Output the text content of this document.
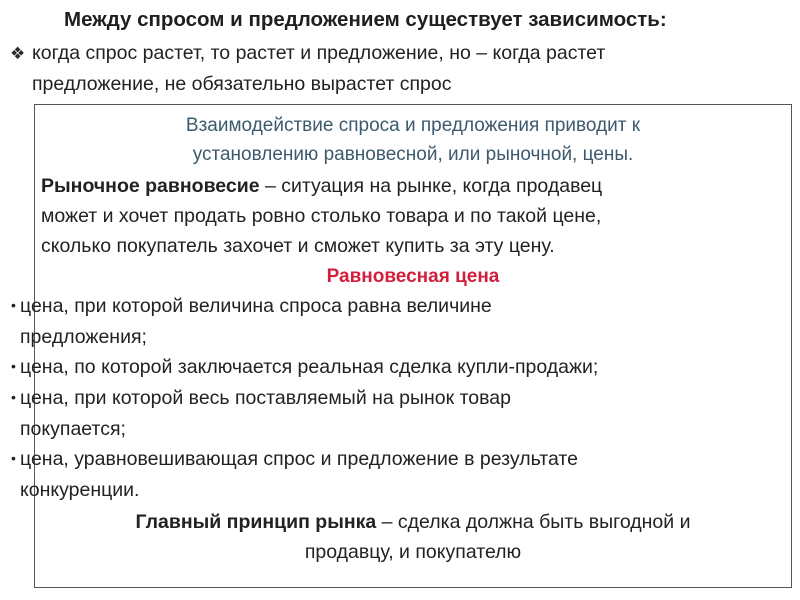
Между спросом и предложением существует зависимость:
❖ когда спрос растет, то растет и предложение, но – когда растет
предложение, не обязательно вырастет спрос
Взаимодействие спроса и предложения приводит к
установлению равновесной, или рыночной, цены.
Рыночное равновесие – ситуация на рынке, когда продавец
может и хочет продать ровно столько товара и по такой цене,
сколько покупатель захочет и сможет купить за эту цену.
Равновесная цена
• цена, при которой величина спроса равна величине
предложения;
• цена, по которой заключается реальная сделка купли-продажи;
• цена, при которой весь поставляемый на рынок товар
покупается;
• цена, уравновешивающая спрос и предложение в результате
конкуренции.
Главный принцип рынка – сделка должна быть выгодной и
продавцу, и покупателю
